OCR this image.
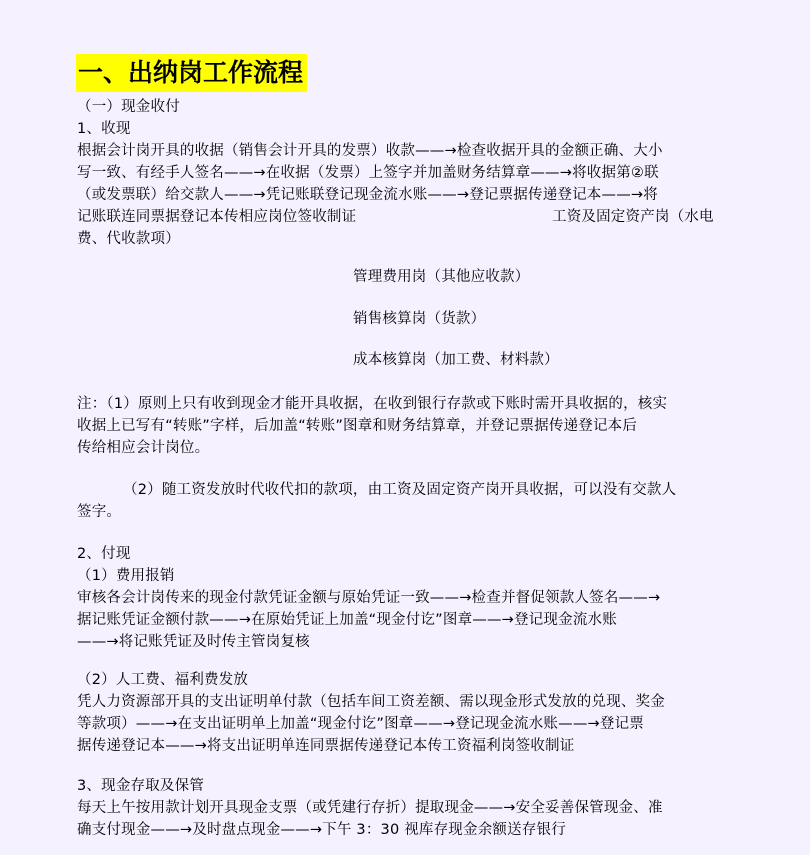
一、出纳岗工作流程
（一）现金收付
1、收现
根据会计岗开具的收据（销售会计开具的发票）收款——→检查收据开具的金额正确、大小
写一致、有经手人签名——→在收据（发票）上签字并加盖财务结算章——→将收据第②联
（或发票联）给交款人——→凭记账联登记现金流水账——→登记票据传递登记本——→将
记账联连同票据登记本传相应岗位签收制证	工资及固定资产岗（水电
费、代收款项）
管理费用岗（其他应收款）
销售核算岗（货款）
成本核算岗（加工费、材料款）
注：（1）原则上只有收到现金才能开具收据，在收到银行存款或下账时需开具收据的，核实
收据上已写有“转账”字样，后加盖“转账”图章和财务结算章，并登记票据传递登记本后
传给相应会计岗位。
（2）随工资发放时代收代扣的款项，由工资及固定资产岗开具收据，可以没有交款人
签字。
2、付现
（1）费用报销
审核各会计岗传来的现金付款凭证金额与原始凭证一致——→检查并督促领款人签名——→
据记账凭证金额付款——→在原始凭证上加盖“现金付讫”图章——→登记现金流水账
——→将记账凭证及时传主管岗复核
（2）人工费、福利费发放
凭人力资源部开具的支出证明单付款（包括车间工资差额、需以现金形式发放的兑现、奖金
等款项）——→在支出证明单上加盖“现金付讫”图章——→登记现金流水账——→登记票
据传递登记本——→将支出证明单连同票据传递登记本传工资福利岗签收制证
3、现金存取及保管
每天上午按用款计划开具现金支票（或凭建行存折）提取现金——→安全妥善保管现金、准
确支付现金——→及时盘点现金——→下午 3：30 视库存现金余额送存银行
